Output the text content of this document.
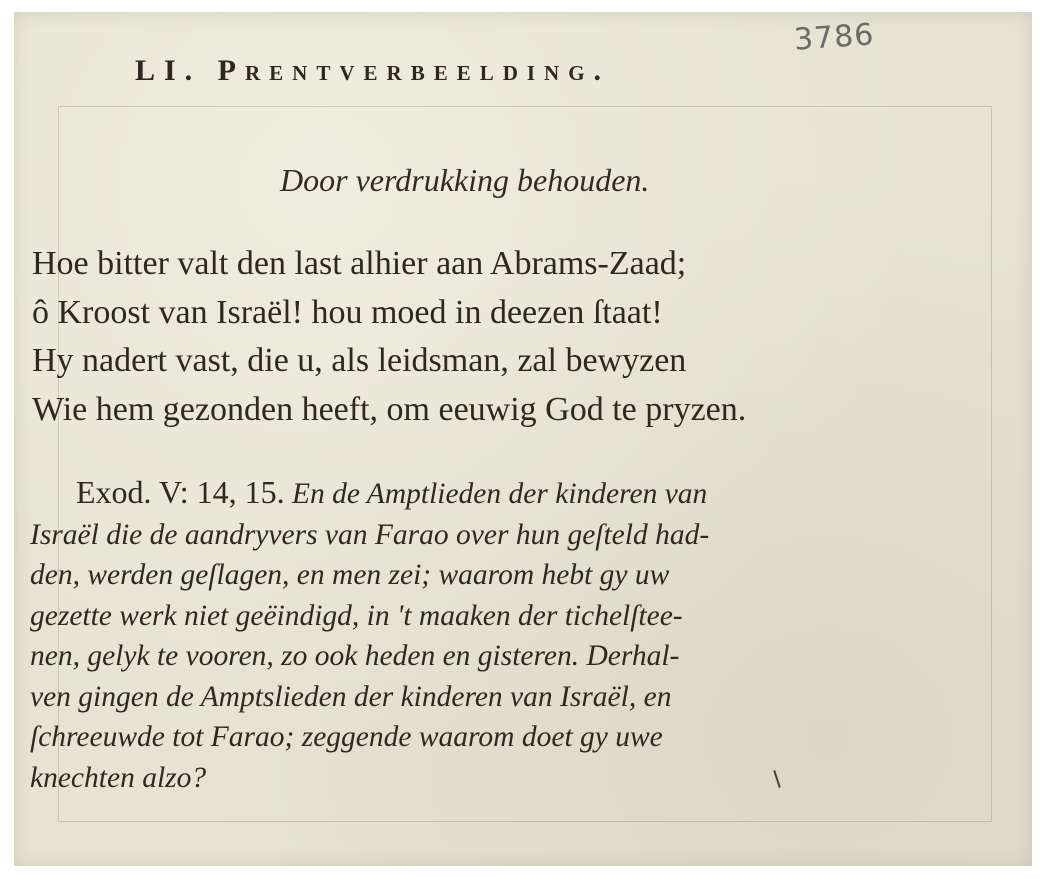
3786
LI. Prentverbeelding.
Door verdrukking behouden.
Hoe bitter valt den last alhier aan Abrams-Zaad;
ô Kroost van Israël! hou moed in deezen ſtaat!
Hy nadert vast, die u, als leidsman, zal bewyzen
Wie hem gezonden heeft, om eeuwig God te pryzen.
Exod. V: 14, 15. En de Amptlieden der kinderen van
Israël die de aandryvers van Farao over hun geſteld had-
den, werden geſlagen, en men zei; waarom hebt gy uw
gezette werk niet geëindigd, in 't maaken der tichelſtee-
nen, gelyk te vooren, zo ook heden en gisteren. Derhal-
ven gingen de Amptslieden der kinderen van Israël, en
ſchreeuwde tot Farao; zeggende waarom doet gy uwe
knechten alzo?
